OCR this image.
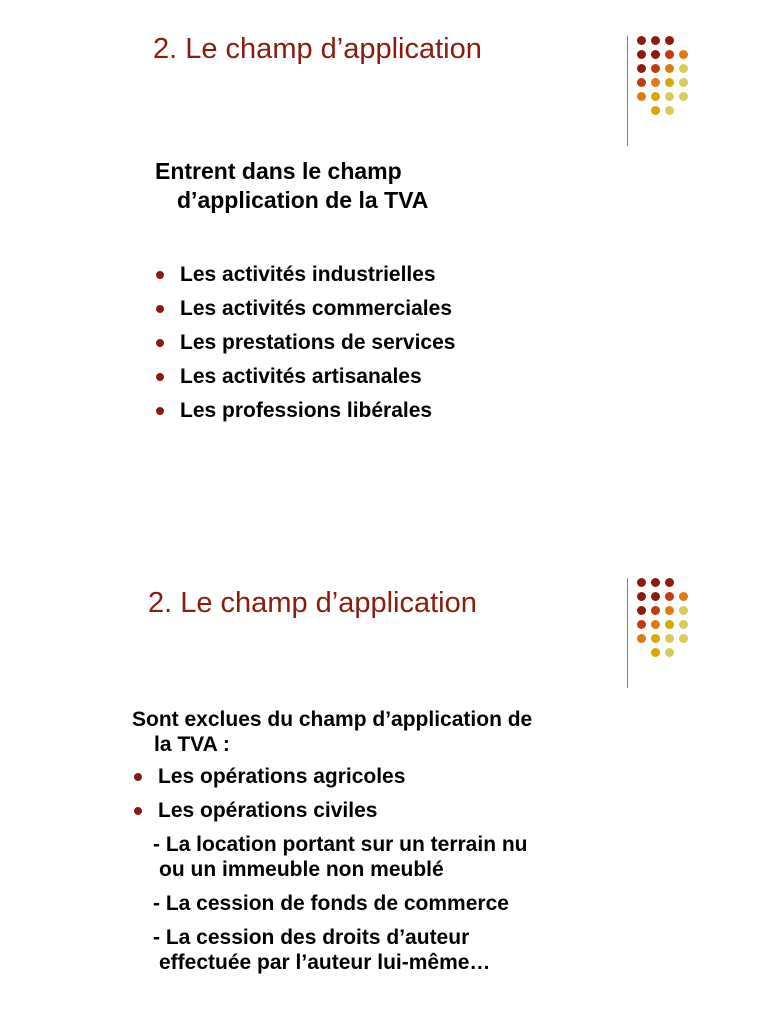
2. Le champ d’application

Entrent dans le champ
d’application de la TVA

Les activités industrielles
Les activités commerciales
Les prestations de services
Les activités artisanales
Les professions libérales
2. Le champ d’application

Sont exclues du champ d’application de
la TVA :

Les opérations agricoles
Les opérations civiles
- La location portant sur un terrain nu
ou un immeuble non meublé
- La cession de fonds de commerce
- La cession des droits d’auteur
effectuée par l’auteur lui-même…
